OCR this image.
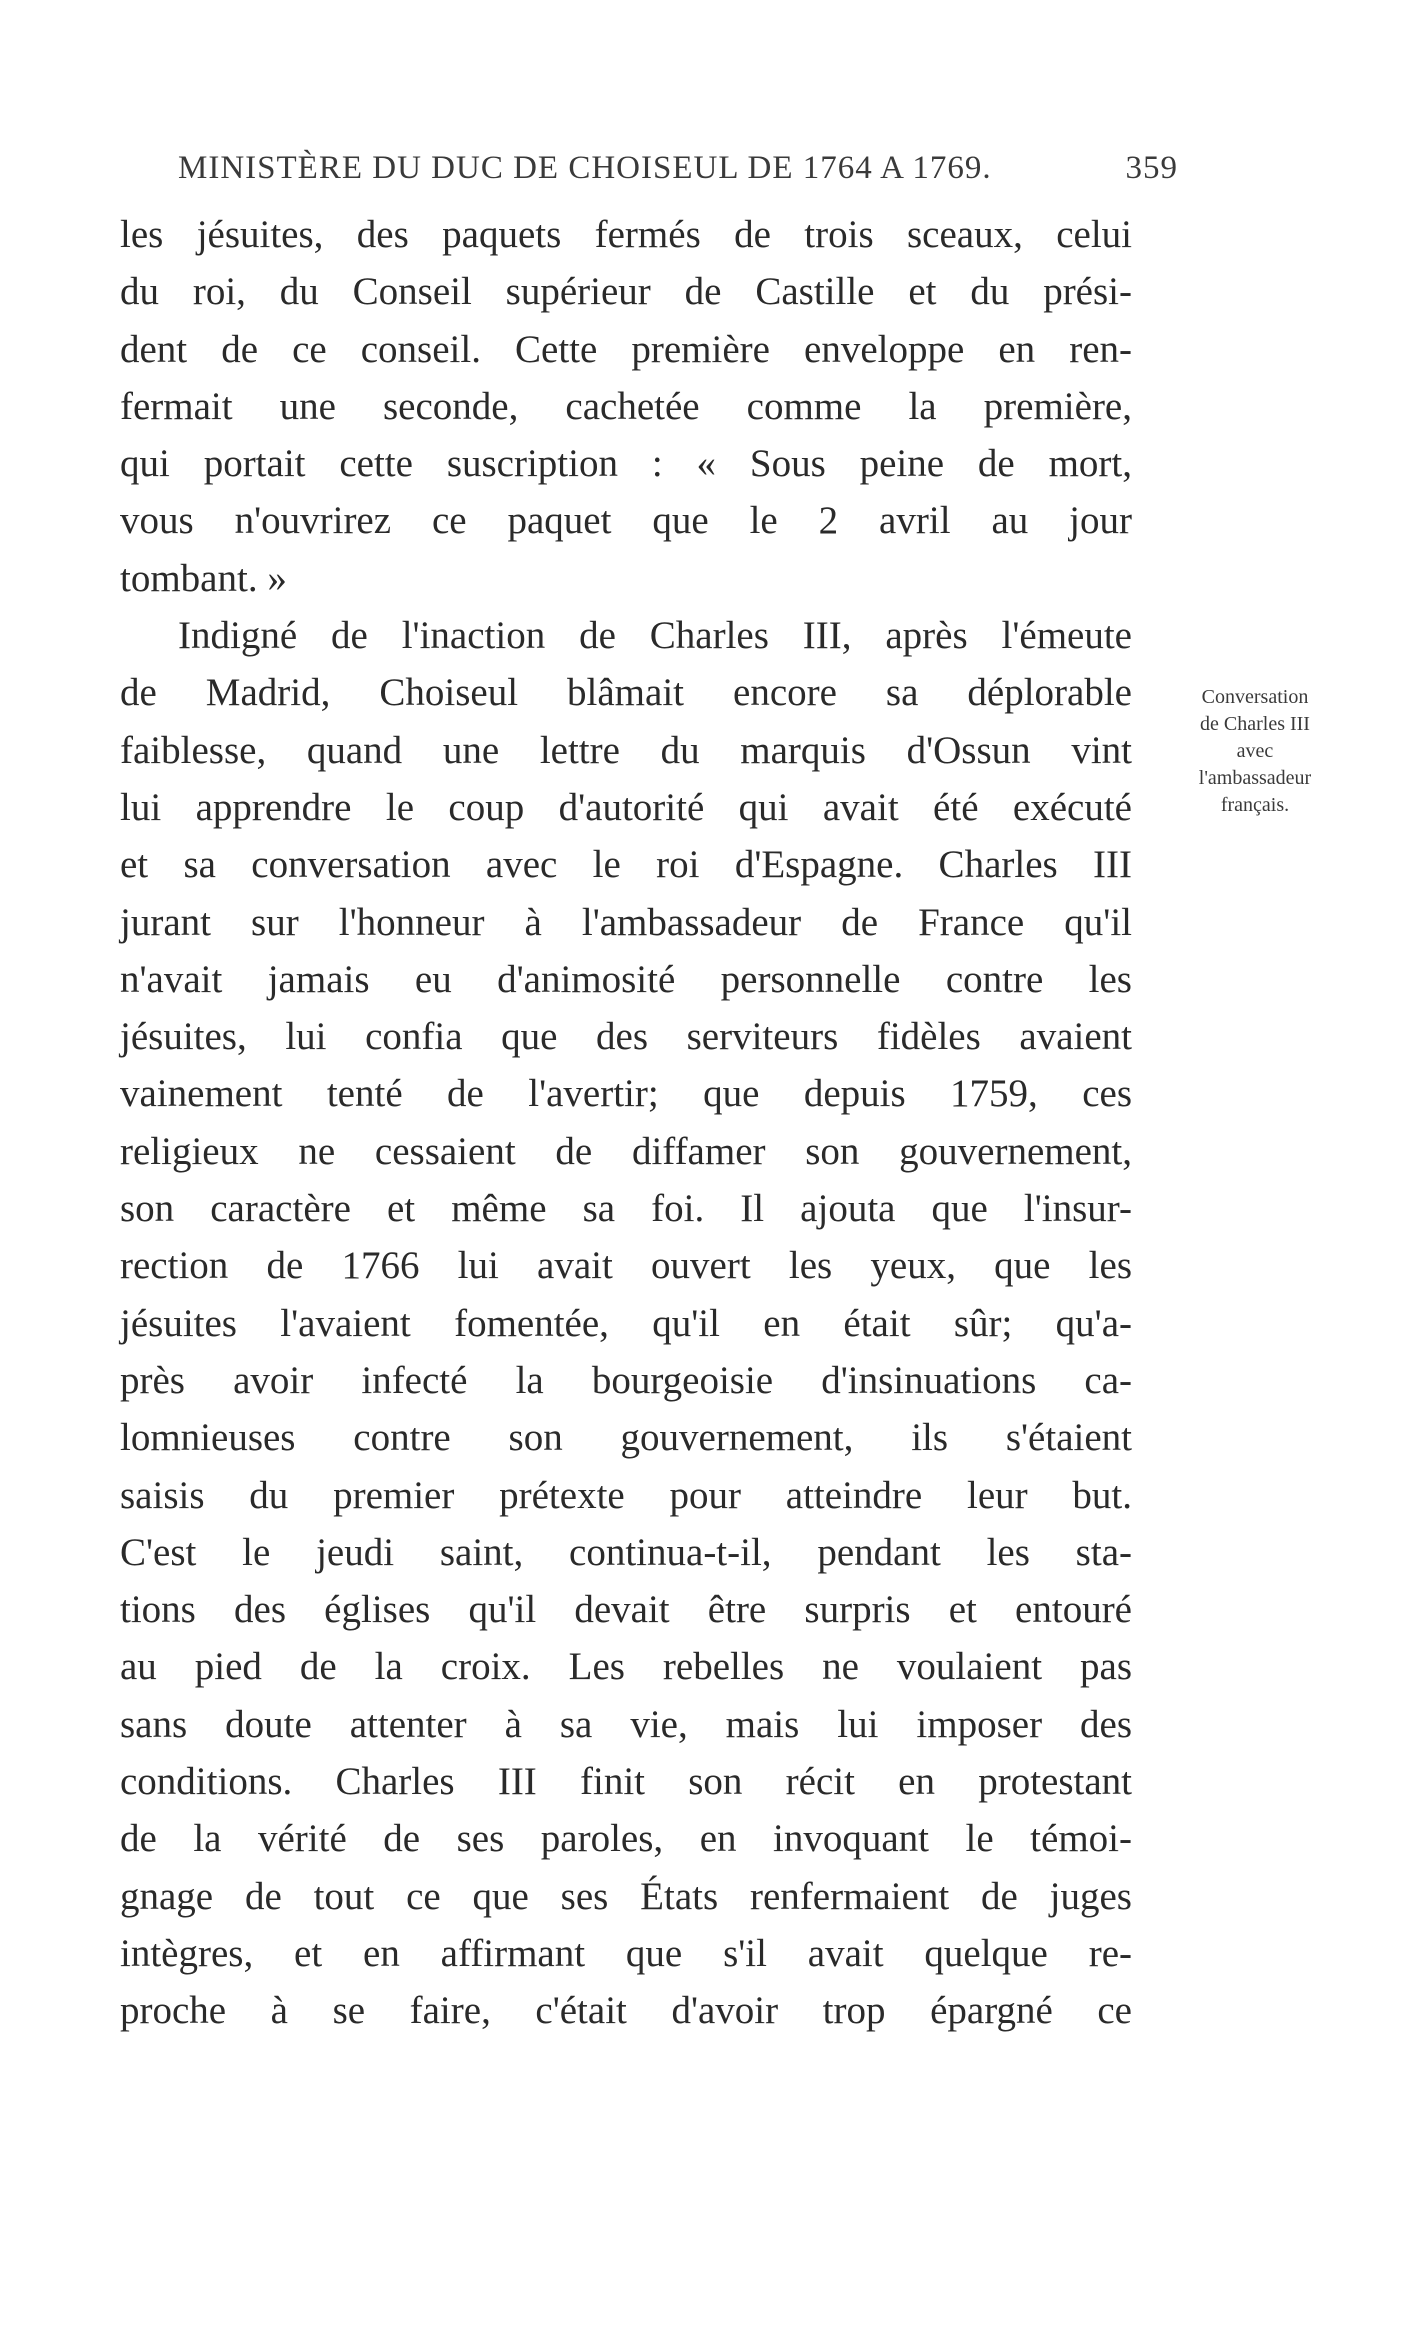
MINISTÈRE DU DUC DE CHOISEUL DE 1764 A 1769.	359
les jésuites, des paquets fermés de trois sceaux, celui
du roi, du Conseil supérieur de Castille et du prési-
dent de ce conseil. Cette première enveloppe en ren-
fermait une seconde, cachetée comme la première,
qui portait cette suscription : « Sous peine de mort,
vous n'ouvrirez ce paquet que le 2 avril au jour
tombant. »
Indigné de l'inaction de Charles III, après l'émeute
de Madrid, Choiseul blâmait encore sa déplorable
faiblesse, quand une lettre du marquis d'Ossun vint
lui apprendre le coup d'autorité qui avait été exécuté
et sa conversation avec le roi d'Espagne. Charles III
jurant sur l'honneur à l'ambassadeur de France qu'il
n'avait jamais eu d'animosité personnelle contre les
jésuites, lui confia que des serviteurs fidèles avaient
vainement tenté de l'avertir; que depuis 1759, ces
religieux ne cessaient de diffamer son gouvernement,
son caractère et même sa foi. Il ajouta que l'insur-
rection de 1766 lui avait ouvert les yeux, que les
jésuites l'avaient fomentée, qu'il en était sûr; qu'a-
près avoir infecté la bourgeoisie d'insinuations ca-
lomnieuses contre son gouvernement, ils s'étaient
saisis du premier prétexte pour atteindre leur but.
C'est le jeudi saint, continua-t-il, pendant les sta-
tions des églises qu'il devait être surpris et entouré
au pied de la croix. Les rebelles ne voulaient pas
sans doute attenter à sa vie, mais lui imposer des
conditions. Charles III finit son récit en protestant
de la vérité de ses paroles, en invoquant le témoi-
gnage de tout ce que ses États renfermaient de juges
intègres, et en affirmant que s'il avait quelque re-
proche à se faire, c'était d'avoir trop épargné ce
Conversation
de Charles III
avec
l'ambassadeur
français.
